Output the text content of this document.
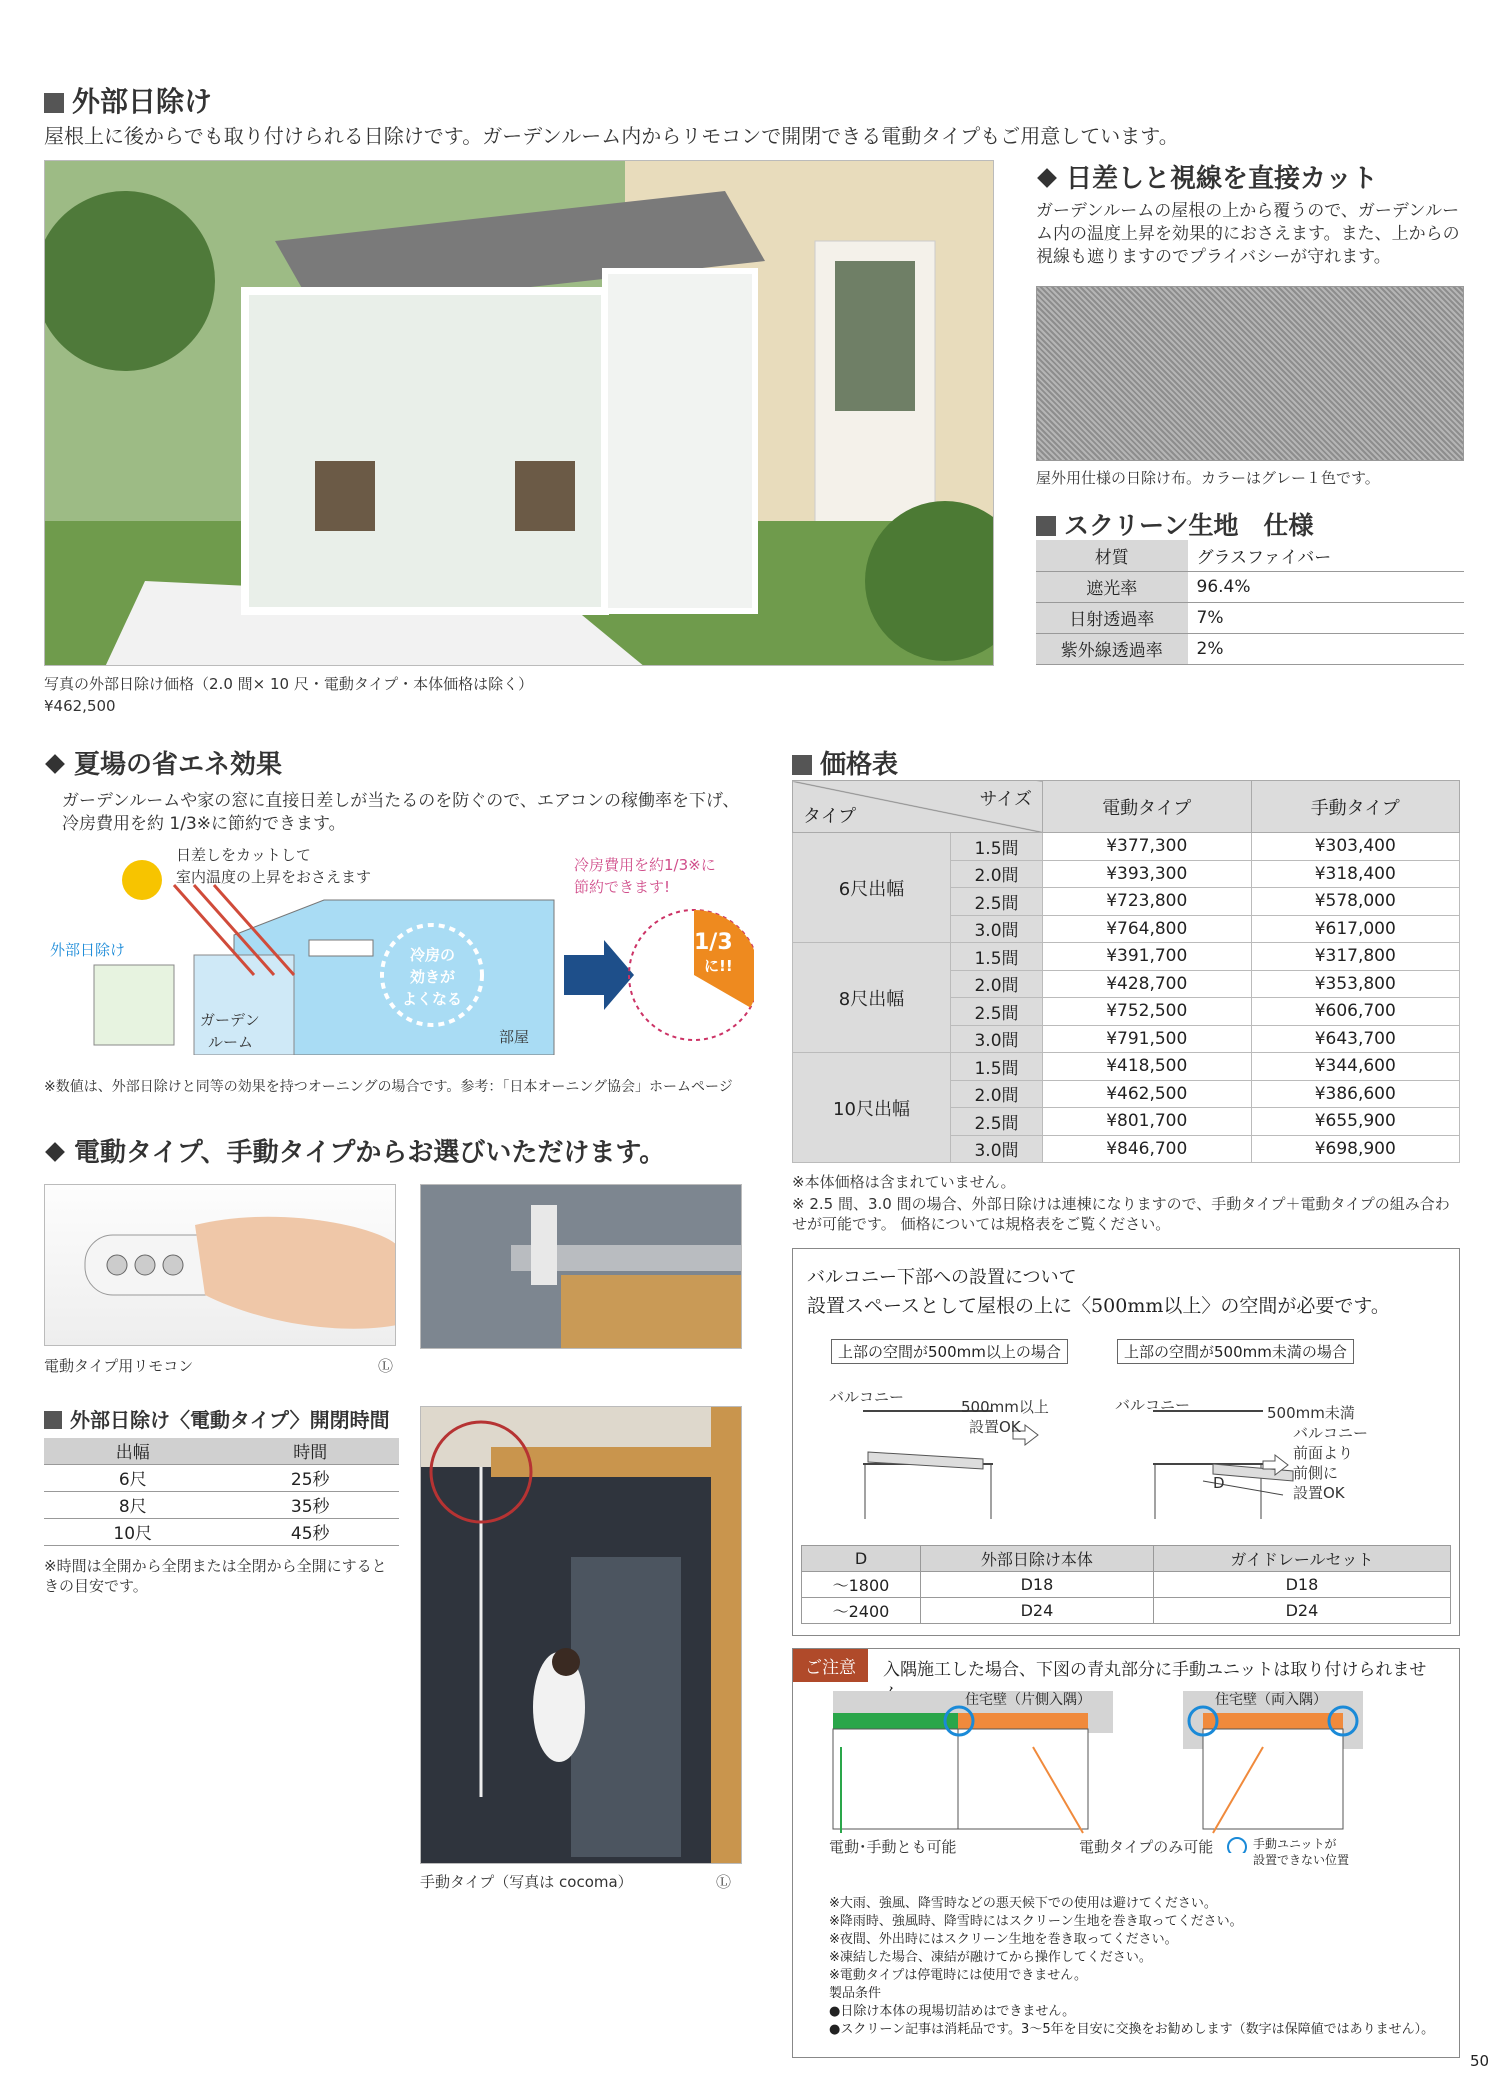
外部日除け
屋根上に後からでも取り付けられる日除けです。ガーデンルーム内からリモコンで開閉できる電動タイプもご用意しています。
写真の外部日除け価格（2.0 間× 10 尺・電動タイプ・本体価格は除く）
¥462,500
日差しと視線を直接カット
ガーデンルームの屋根の上から覆うので、ガーデンルーム内の温度上昇を効果的におさえます。また、上からの視線も遮りますのでプライバシーが守れます。
屋外用仕様の日除け布。カラーはグレー１色です。
スクリーン生地　仕様
材質	グラスファイバー
遮光率	96.4%
日射透過率	7%
紫外線透過率	2%
夏場の省エネ効果
ガーデンルームや家の窓に直接日差しが当たるのを防ぐので、エアコンの稼働率を下げ、冷房費用を約 1/3※に節約できます。
日差しをカットして
室内温度の上昇をおさえます
外部日除け
ガーデン
ルーム
冷房の
効きが
よくなる
部屋
冷房費用を約1/3※に
節約できます!
1/3
に!!
※数値は、外部日除けと同等の効果を持つオーニングの場合です。参考：「日本オーニング協会」ホームページ
電動タイプ、手動タイプからお選びいただけます。
電動タイプ用リモコン	Ⓛ
手動タイプ（写真は cocoma）	Ⓛ
外部日除け〈電動タイプ〉開閉時間
出幅	時間
6尺	25秒
8尺	35秒
10尺	45秒
※時間は全開から全閉または全閉から全開にするときの目安です。
価格表
サイズ
タイプ		電動タイプ	手動タイプ
6尺出幅	1.5間	¥377,300	¥303,400
	2.0間	¥393,300	¥318,400
	2.5間	¥723,800	¥578,000
	3.0間	¥764,800	¥617,000
8尺出幅	1.5間	¥391,700	¥317,800
	2.0間	¥428,700	¥353,800
	2.5間	¥752,500	¥606,700
	3.0間	¥791,500	¥643,700
10尺出幅	1.5間	¥418,500	¥344,600
	2.0間	¥462,500	¥386,600
	2.5間	¥801,700	¥655,900
	3.0間	¥846,700	¥698,900
※本体価格は含まれていません。
※ 2.5 間、3.0 間の場合、外部日除けは連棟になりますので、手動タイプ＋電動タイプの組み合わせが可能です。 価格については規格表をご覧ください。
バルコニー下部への設置について
設置スペースとして屋根の上に〈500mm以上〉の空間が必要です。
上部の空間が500mm以上の場合	上部の空間が500mm未満の場合
バルコニー
500mm以上
設置OK
バルコニー	500mm未満
バルコニー
前面より
前側に
設置OK
D
D	外部日除け本体	ガイドレールセット
～1800	D18	D18
～2400	D24	D24
ご注意	入隅施工した場合、下図の青丸部分に手動ユニットは取り付けられませ
住宅壁（片側入隅）	住宅壁（両入隅）
電動･手動とも可能	電動タイプのみ可能	手動ユニットが
設置できない位置
※大雨、強風、降雪時などの悪天候下での使用は避けてください。
※降雨時、強風時、降雪時にはスクリーン生地を巻き取ってください。
※夜間、外出時にはスクリーン生地を巻き取ってください。
※凍結した場合、凍結が融けてから操作してください。
※電動タイプは停電時には使用できません。
製品条件
●日除け本体の現場切詰めはできません。
●スクリーン記事は消耗品です。3～5年を目安に交換をお勧めします（数字は保障値ではありません）。
50
